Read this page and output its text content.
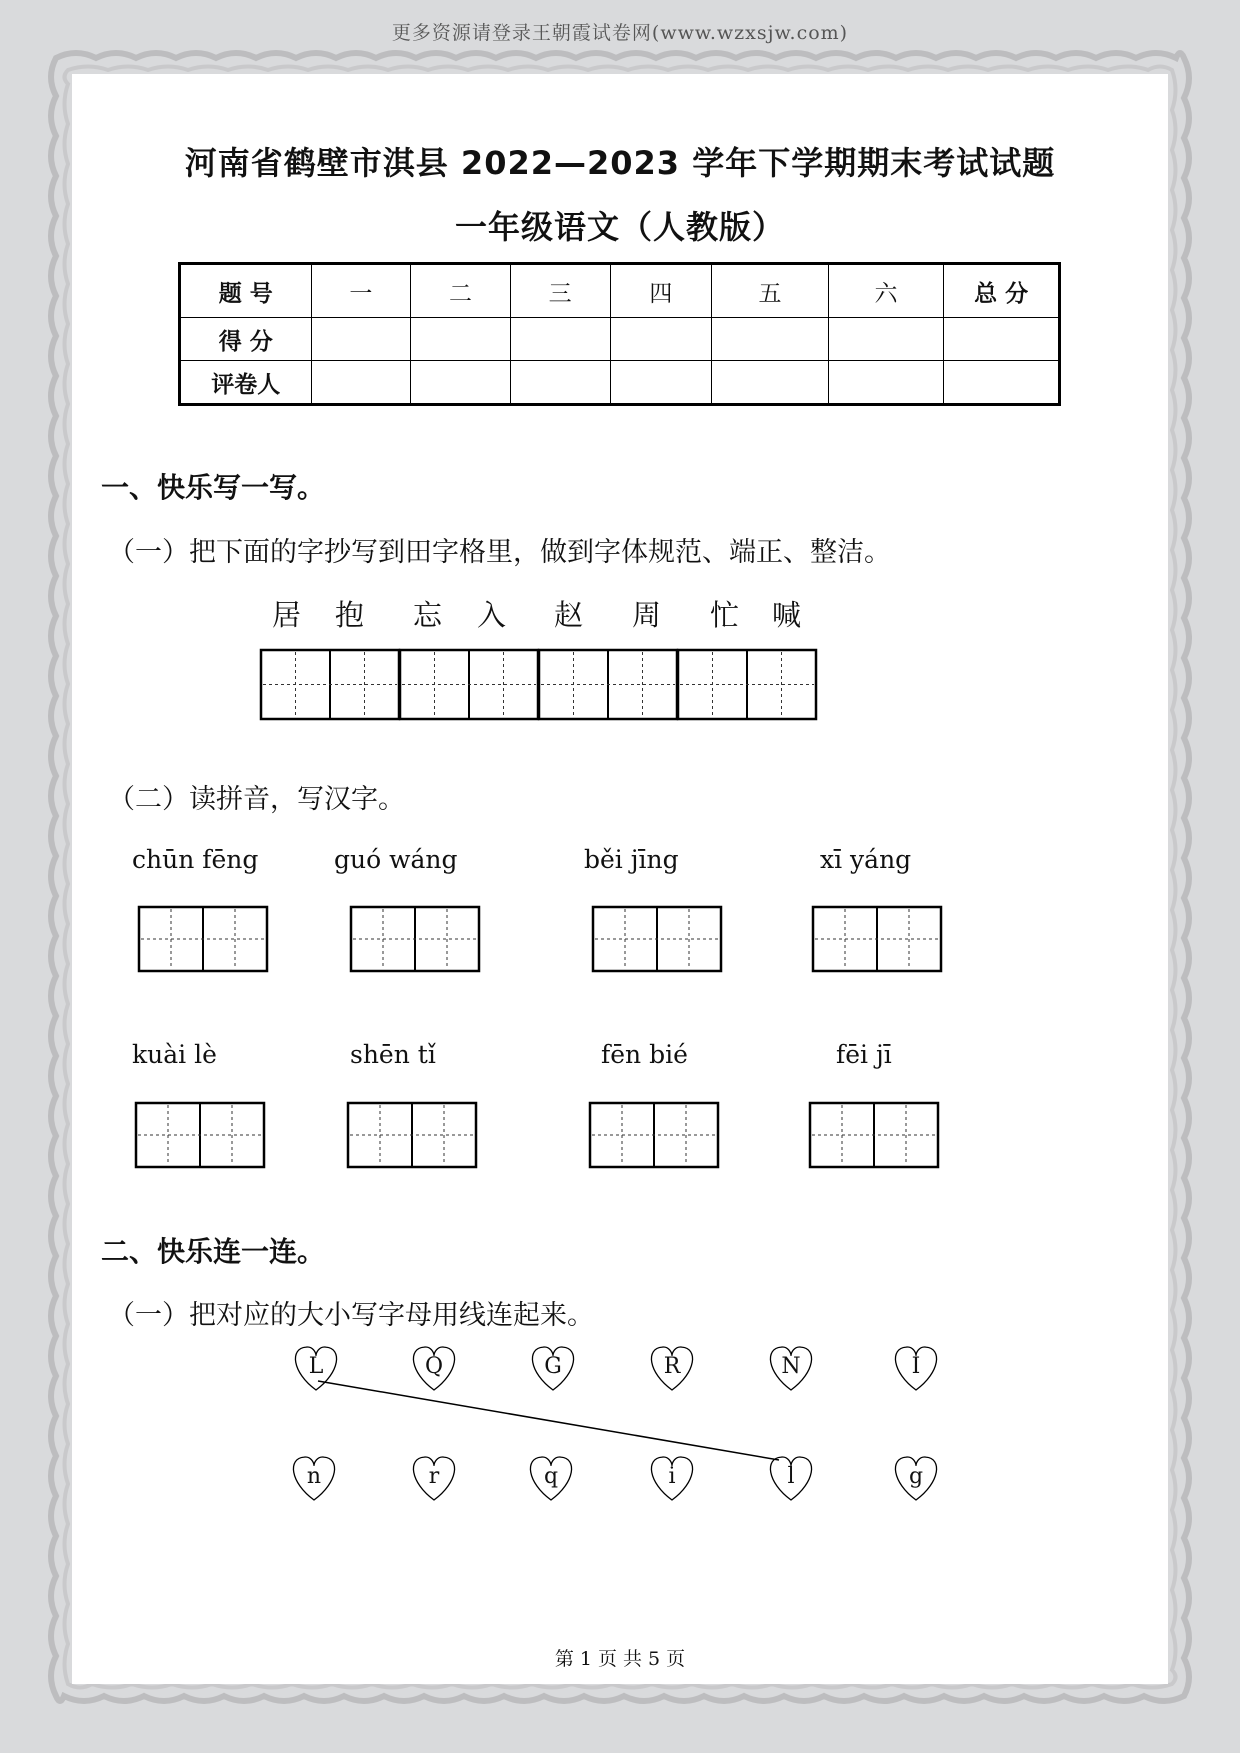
更多资源请登录王朝霞试卷网(www.wzxsjw.com)
河南省鹤壁市淇县 2022—2023 学年下学期期末考试试题
一年级语文（人教版）
题 号	一	二	三	四	五	六	总 分
得 分							
评卷人							
一、快乐写一写。
（一）把下面的字抄写到田字格里，做到字体规范、端正、整洁。
居 抱 忘 入 赵 周 忙 喊
（二）读拼音，写汉字。
chūn fēng	guó wáng	běi jīng	xī yáng
kuài lè	shēn tǐ	fēn bié	fēi jī
二、快乐连一连。
（一）把对应的大小写字母用线连起来。
L	Q	G	R	N	I
n	r	q	i	l	g
第 1 页 共 5 页
